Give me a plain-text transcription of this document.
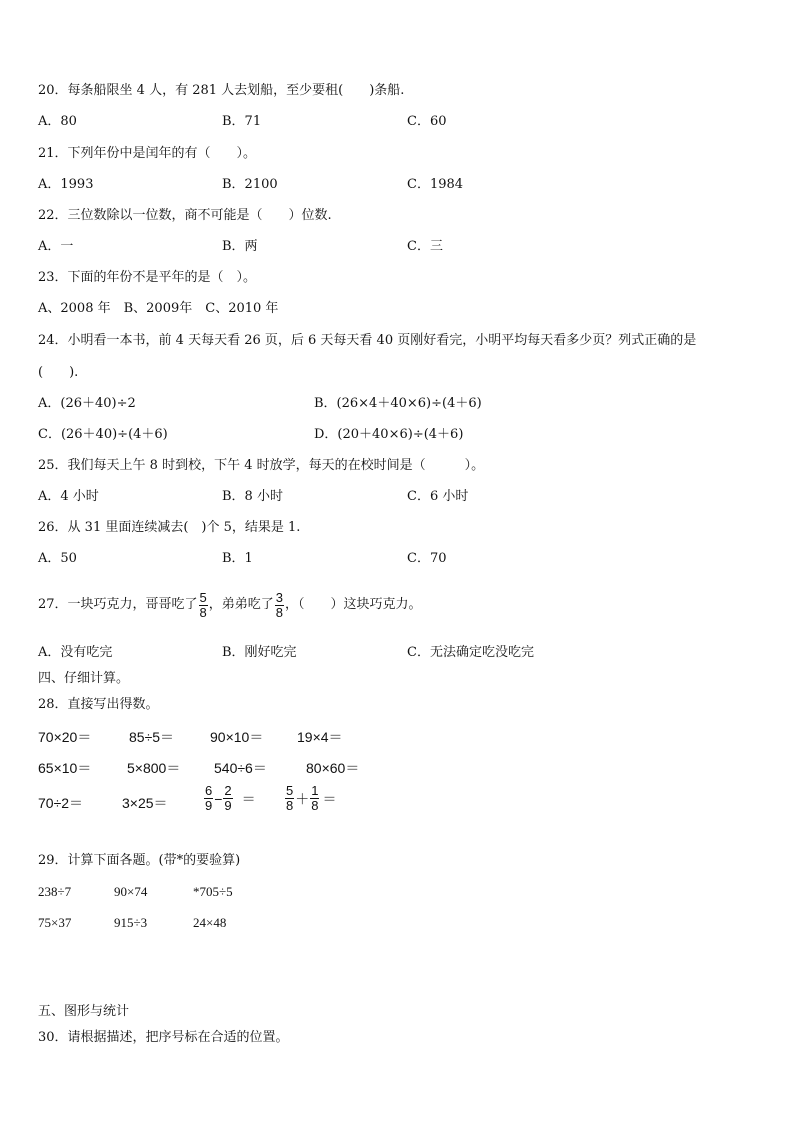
20．每条船限坐 4 人，有 281 人去划船，至少要租(　　)条船.
A．80	B．71	C．60
21．下列年份中是闰年的有（　　）。
A．1993	B．2100	C．1984
22．三位数除以一位数，商不可能是（　　）位数.
A．一	B．两	C．三
23．下面的年份不是平年的是（　）。
A、2008 年　B、2009年　C、2010 年
24．小明看一本书，前 4 天每天看 26 页，后 6 天每天看 40 页刚好看完，小明平均每天看多少页？列式正确的是
(　　).
A．(26＋40)÷2	B．(26×4＋40×6)÷(4＋6)
C．(26＋40)÷(4＋6)	D．(20＋40×6)÷(4＋6)
25．我们每天上午 8 时到校，下午 4 时放学，每天的在校时间是（　　　）。
A．4 小时	B．8 小时	C．6 小时
26．从 31 里面连续减去(　)个 5，结果是 1.
A．50	B．1	C．70
27．一块巧克力，哥哥吃了 $\frac{5}{8}$ ，弟弟吃了 $\frac{3}{8}$ ，（　　）这块巧克力。
A．没有吃完	B．刚好吃完	C．无法确定吃没吃完
四、仔细计算。
28．直接写出得数。
70×20＝	85÷5＝	90×10＝ 19×4＝
65×10＝	5×800＝ 540÷6＝	80×60＝
70÷2＝	3×25＝	$\frac{6}{9} - \frac{2}{9} = \frac{5}{8} + \frac{1}{8}$ ＝
29．计算下面各题。(带*的要验算)
238÷7	90×74	*705÷5
75×37	915÷3	24×48
五、图形与统计
30．请根据描述，把序号标在合适的位置。
